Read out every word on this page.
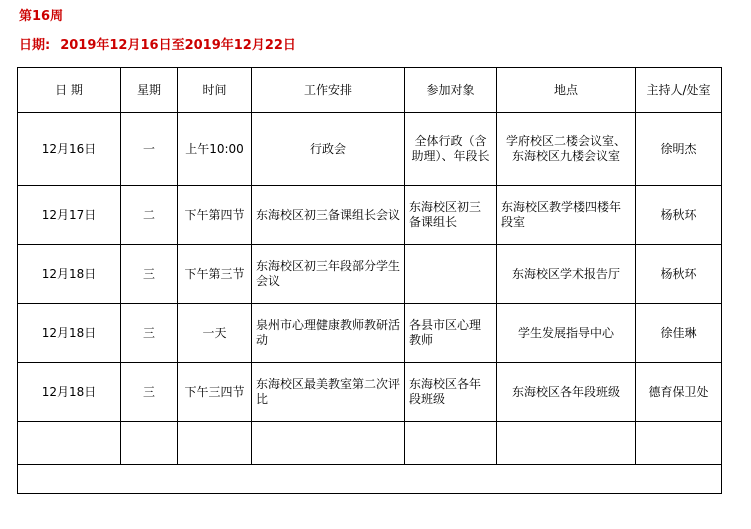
第16周
日期: 2019年12月16日至2019年12月22日
日 期	星期	时间	工作安排	参加对象	地点	主持人/处室
12月16日	一	上午10:00	行政会	全体行政（含助理）、年段长	学府校区二楼会议室、东海校区九楼会议室	徐明杰
12月17日	二	下午第四节	东海校区初三备课组长会议	东海校区初三备课组长	东海校区教学楼四楼年段室	杨秋环
12月18日	三	下午第三节	东海校区初三年段部分学生会议		东海校区学术报告厅	杨秋环
12月18日	三	一天	泉州市心理健康教师教研活动	各县市区心理教师	学生发展指导中心	徐佳琳
12月18日	三	下午三四节	东海校区最美教室第二次评比	东海校区各年段班级	东海校区各年段班级	德育保卫处
